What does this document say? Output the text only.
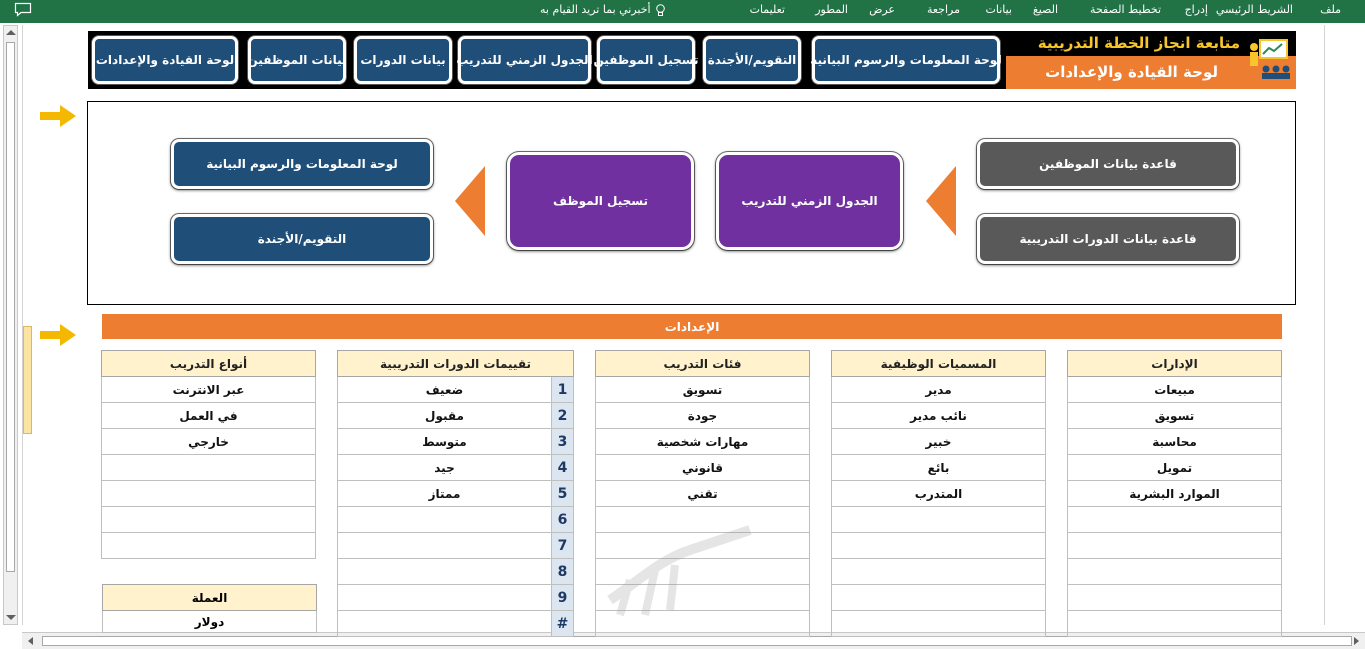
ملف
الشريط الرئيسي
إدراج
تخطيط الصفحة
الصيغ
بيانات
مراجعة
عرض
المطور
تعليمات
أخبرني بما تريد القيام به
متابعة انجاز الخطة التدريبية
لوحة القيادة والإعدادات
لوحة المعلومات والرسوم البيانية
التقويم/الأجندة
تسجيل الموظفين
الجدول الزمني للتدريب
بيانات الدورات
بيانات الموظفين
لوحة القيادة والإعدادات
قاعدة بيانات الموظفين
قاعدة بيانات الدورات التدريبية
الجدول الزمني للتدريب
تسجيل الموظف
لوحة المعلومات والرسوم البيانية
التقويم/الأجندة
الإعدادات
الإدارات
مبيعات
تسويق
محاسبة
تمويل
الموارد البشرية

المسميات الوظيفية
مدير
نائب مدير
خبير
بائع
المتدرب

فئات التدريب
تسويق
جودة
مهارات شخصية
قانوني
تقني

تقييمات الدورات التدريبية	
1	ضعيف
2	مقبول
3	متوسط
4	جيد
5	ممتاز
6	
7	
8	
9	
#	
أنواع التدريب
عبر الانترنت
في العمل
خارجي

العملة
دولار
